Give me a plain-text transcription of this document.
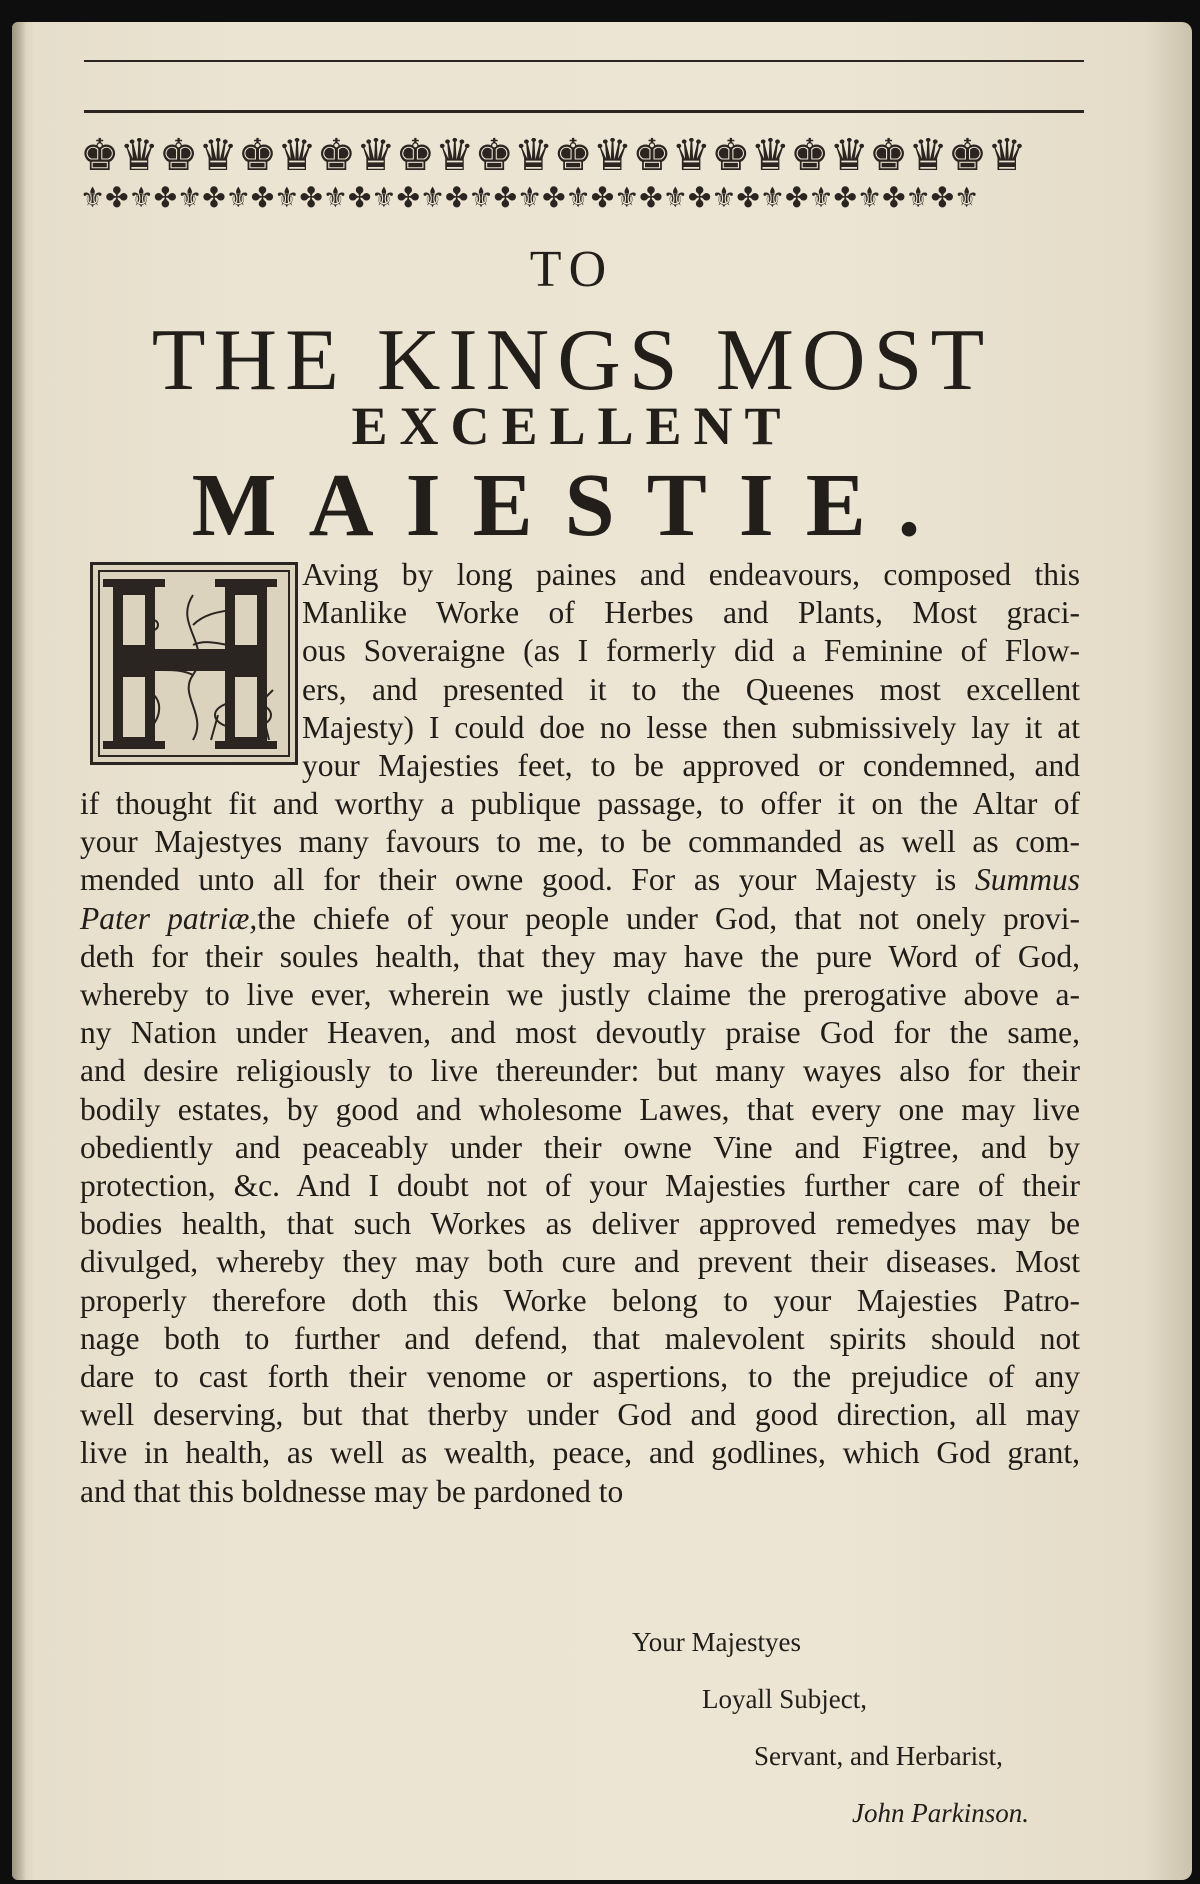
♚♛♚♛♚♛♚♛♚♛♚♛♚♛♚♛♚♛♚♛♚♛♚♛
⚜✤⚜✤⚜✤⚜✤⚜✤⚜✤⚜✤⚜✤⚜✤⚜✤⚜✤⚜✤⚜✤⚜✤⚜✤⚜✤⚜✤⚜✤⚜
TO
THE KINGS MOST
EXCELLENT
MAIESTIE.
Aving by long paines and endeavours, composed this
Manlike Worke of Herbes and Plants, Most graci-
ous Soveraigne (as I formerly did a Feminine of Flow-
ers, and presented it to the Queenes most excellent
Majesty) I could doe no lesse then submissively lay it at
your Majesties feet, to be approved or condemned, and
if thought fit and worthy a publique passage, to offer it on the Altar of
your Majestyes many favours to me, to be commanded as well as com-
mended unto all for their owne good. For as your Majesty is Summus
Pater patriæ,the chiefe of your people under God, that not onely provi-
deth for their soules health, that they may have the pure Word of God,
whereby to live ever, wherein we justly claime the prerogative above a-
ny Nation under Heaven, and most devoutly praise God for the same,
and desire religiously to live thereunder: but many wayes also for their
bodily estates, by good and wholesome Lawes, that every one may live
obediently and peaceably under their owne Vine and Figtree, and by
protection, &c. And I doubt not of your Majesties further care of their
bodies health, that such Workes as deliver approved remedyes may be
divulged, whereby they may both cure and prevent their diseases. Most
properly therefore doth this Worke belong to your Majesties Patro-
nage both to further and defend, that malevolent spirits should not
dare to cast forth their venome or aspertions, to the prejudice of any
well deserving, but that therby under God and good direction, all may
live in health, as well as wealth, peace, and godlines, which God grant,
and that this boldnesse may be pardoned to
Your Majestyes
Loyall Subject,
Servant, and Herbarist,
John Parkinson.
